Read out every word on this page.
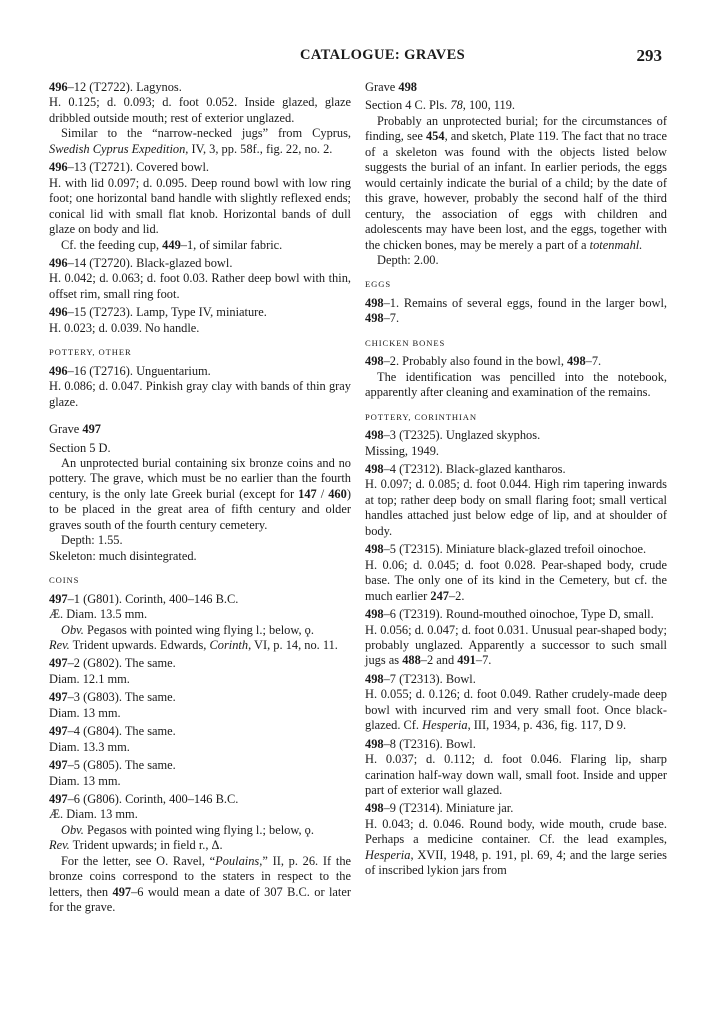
CATALOGUE: GRAVES	293

496–12 (T2722). Lagynos.

H. 0.125; d. 0.093; d. foot 0.052. Inside glazed, glaze dribbled outside mouth; rest of exterior unglazed.

Similar to the “narrow-necked jugs” from Cyprus, Swedish Cyprus Expedition, IV, 3, pp. 58f., fig. 22, no. 2.

496–13 (T2721). Covered bowl.

H. with lid 0.097; d. 0.095. Deep round bowl with low ring foot; one horizontal band handle with slightly reflexed ends; conical lid with small flat knob. Horizontal bands of dull glaze on body and lid.

Cf. the feeding cup, 449–1, of similar fabric.

496–14 (T2720). Black-glazed bowl.

H. 0.042; d. 0.063; d. foot 0.03. Rather deep bowl with thin, offset rim, small ring foot.

496–15 (T2723). Lamp, Type IV, miniature.

H. 0.023; d. 0.039. No handle.

POTTERY, OTHER

496–16 (T2716). Unguentarium.

H. 0.086; d. 0.047. Pinkish gray clay with bands of thin gray glaze.

Grave 497

Section 5 D.

An unprotected burial containing six bronze coins and no pottery. The grave, which must be no earlier than the fourth century, is the only late Greek burial (except for 147 / 460) to be placed in the great area of fifth century and older graves south of the fourth century cemetery.

Depth: 1.55.

Skeleton: much disintegrated.

COINS

497–1 (G801). Corinth, 400–146 B.C.

Æ. Diam. 13.5 mm.

Obv. Pegasos with pointed wing flying l.; below, ϙ.

Rev. Trident upwards. Edwards, Corinth, VI, p. 14, no. 11.

497–2 (G802). The same.

Diam. 12.1 mm.

497–3 (G803). The same.

Diam. 13 mm.

497–4 (G804). The same.

Diam. 13.3 mm.

497–5 (G805). The same.

Diam. 13 mm.

497–6 (G806). Corinth, 400–146 B.C.

Æ. Diam. 13 mm.

Obv. Pegasos with pointed wing flying l.; below, ϙ.

Rev. Trident upwards; in field r., Δ.

For the letter, see O. Ravel, “Poulains,” II, p. 26. If the bronze coins correspond to the staters in respect to the letters, then 497–6 would mean a date of 307 B.C. or later for the grave.

Grave 498

Section 4 C. Pls. 78, 100, 119.

Probably an unprotected burial; for the circumstances of finding, see 454, and sketch, Plate 119. The fact that no trace of a skeleton was found with the objects listed below suggests the burial of an infant. In earlier periods, the eggs would certainly indicate the burial of a child; by the date of this grave, however, probably the second half of the third century, the association of eggs with children and adolescents may have been lost, and the eggs, together with the chicken bones, may be merely a part of a totenmahl.

Depth: 2.00.

EGGS

498–1. Remains of several eggs, found in the larger bowl, 498–7.

CHICKEN BONES

498–2. Probably also found in the bowl, 498–7.

The identification was pencilled into the notebook, apparently after cleaning and examination of the remains.

POTTERY, CORINTHIAN

498–3 (T2325). Unglazed skyphos.

Missing, 1949.

498–4 (T2312). Black-glazed kantharos.

H. 0.097; d. 0.085; d. foot 0.044. High rim tapering inwards at top; rather deep body on small flaring foot; small vertical handles attached just below edge of lip, and at shoulder of body.

498–5 (T2315). Miniature black-glazed trefoil oinochoe.

H. 0.06; d. 0.045; d. foot 0.028. Pear-shaped body, crude base. The only one of its kind in the Cemetery, but cf. the much earlier 247–2.

498–6 (T2319). Round-mouthed oinochoe, Type D, small.

H. 0.056; d. 0.047; d. foot 0.031. Unusual pear-shaped body; probably unglazed. Apparently a successor to such small jugs as 488–2 and 491–7.

498–7 (T2313). Bowl.

H. 0.055; d. 0.126; d. foot 0.049. Rather crudely-made deep bowl with incurved rim and very small foot. Once black-glazed. Cf. Hesperia, III, 1934, p. 436, fig. 117, D 9.

498–8 (T2316). Bowl.

H. 0.037; d. 0.112; d. foot 0.046. Flaring lip, sharp carination half-way down wall, small foot. Inside and upper part of exterior wall glazed.

498–9 (T2314). Miniature jar.

H. 0.043; d. 0.046. Round body, wide mouth, crude base. Perhaps a medicine container. Cf. the lead examples, Hesperia, XVII, 1948, p. 191, pl. 69, 4; and the large series of inscribed lykion jars from
